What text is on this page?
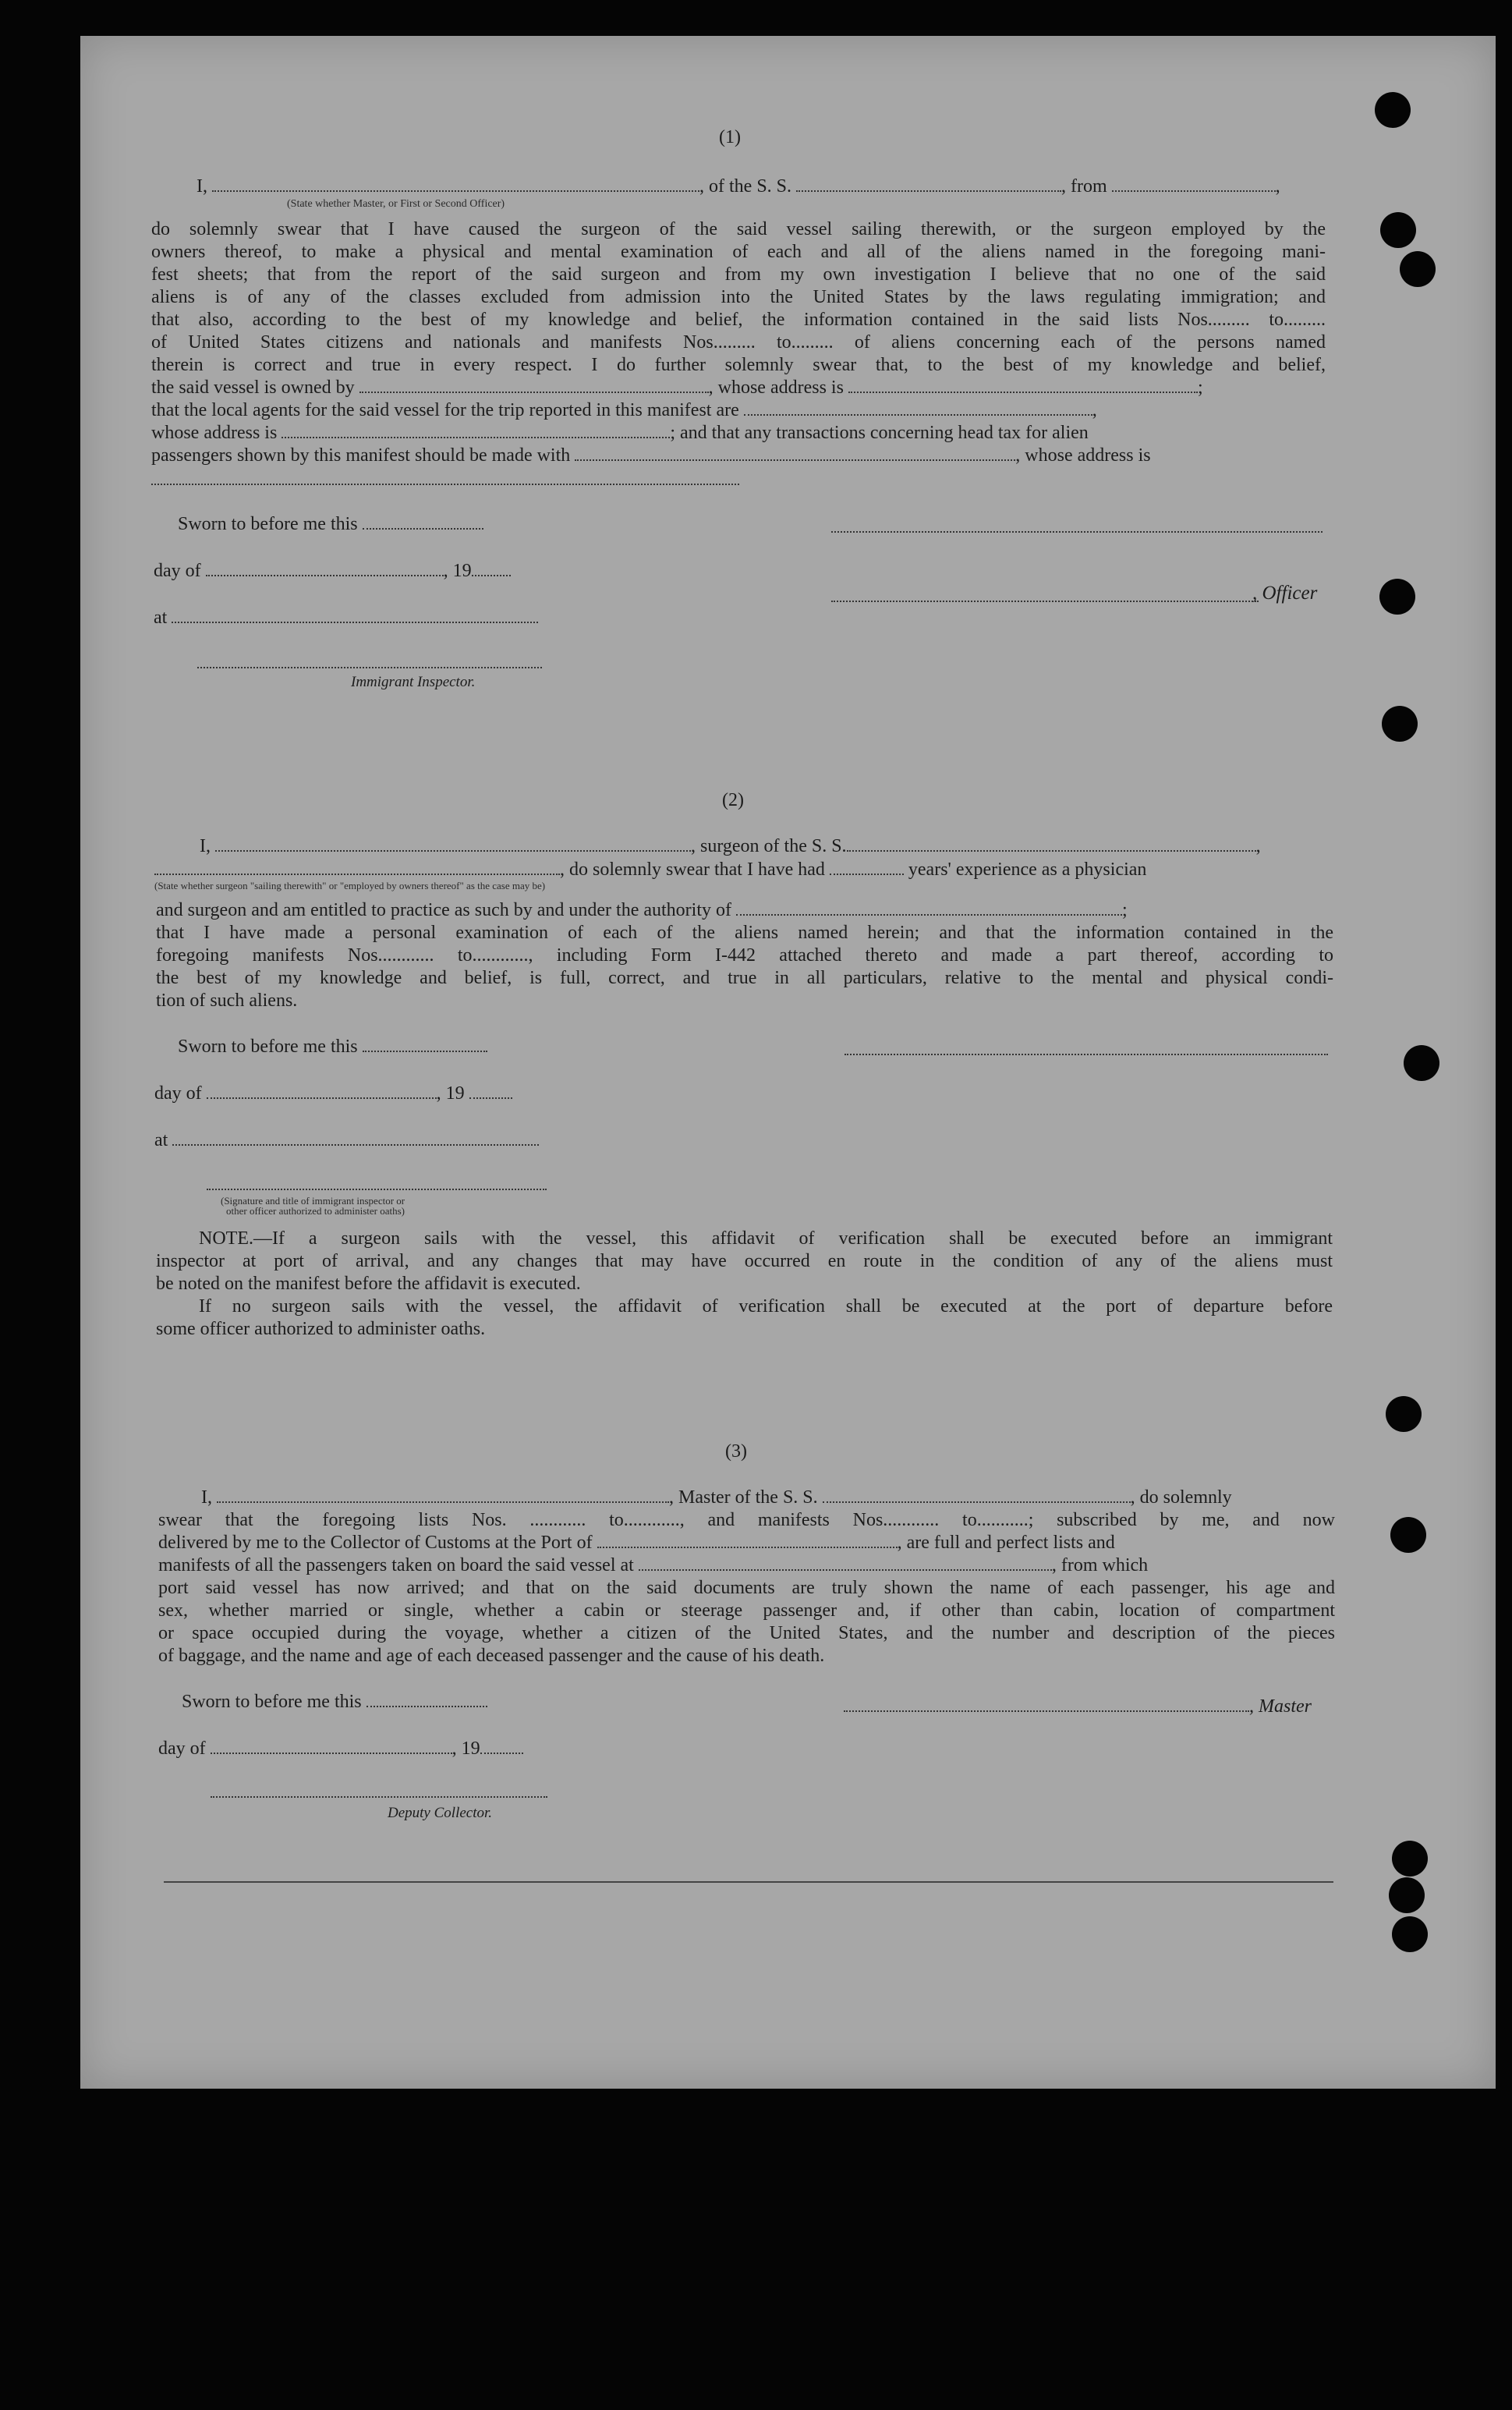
(1)
I,	, of the S. S.	, from	,
(State whether Master, or First or Second Officer)
do solemnly swear that I have caused the surgeon of the said vessel sailing therewith, or the surgeon employed by the
owners thereof, to make a physical and mental examination of each and all of the aliens named in the foregoing mani-
fest sheets; that from the report of the said surgeon and from my own investigation I believe that no one of the said
aliens is of any of the classes excluded from admission into the United States by the laws regulating immigration; and
that also, according to the best of my knowledge and belief, the information contained in the said lists Nos......... to.........
of United States citizens and nationals and manifests Nos......... to......... of aliens concerning each of the persons named
therein is correct and true in every respect. I do further solemnly swear that, to the best of my knowledge and belief,
the said vessel is owned by	, whose address is	;
that the local agents for the said vessel for the trip reported in this manifest are	,
whose address is	; and that any transactions concerning head tax for alien
passengers shown by this manifest should be made with	, whose address is
Sworn to before me this
day of	, 19
, Officer
at
Immigrant Inspector.
(2)
I,	, surgeon of the S. S.	,
, do solemnly swear that I have had	years' experience as a physician
(State whether surgeon "sailing therewith" or "employed by owners thereof" as the case may be)
and surgeon and am entitled to practice as such by and under the authority of	;
that I have made a personal examination of each of the aliens named herein; and that the information contained in the
foregoing manifests Nos............ to............, including Form I-442 attached thereto and made a part thereof, according to
the best of my knowledge and belief, is full, correct, and true in all particulars, relative to the mental and physical condi-
tion of such aliens.
Sworn to before me this
day of	, 19
at
(Signature and title of immigrant inspector or
other officer authorized to administer oaths)
NOTE.—If a surgeon sails with the vessel, this affidavit of verification shall be executed before an immigrant
inspector at port of arrival, and any changes that may have occurred en route in the condition of any of the aliens must
be noted on the manifest before the affidavit is executed.
If no surgeon sails with the vessel, the affidavit of verification shall be executed at the port of departure before
some officer authorized to administer oaths.
(3)
I,	, Master of the S. S.	, do solemnly
swear that the foregoing lists Nos. ............ to............, and manifests Nos............ to...........; subscribed by me, and now
delivered by me to the Collector of Customs at the Port of	, are full and perfect lists and
manifests of all the passengers taken on board the said vessel at	, from which
port said vessel has now arrived; and that on the said documents are truly shown the name of each passenger, his age and
sex, whether married or single, whether a cabin or steerage passenger and, if other than cabin, location of compartment
or space occupied during the voyage, whether a citizen of the United States, and the number and description of the pieces
of baggage, and the name and age of each deceased passenger and the cause of his death.
Sworn to before me this	, Master
day of	, 19
Deputy Collector.
